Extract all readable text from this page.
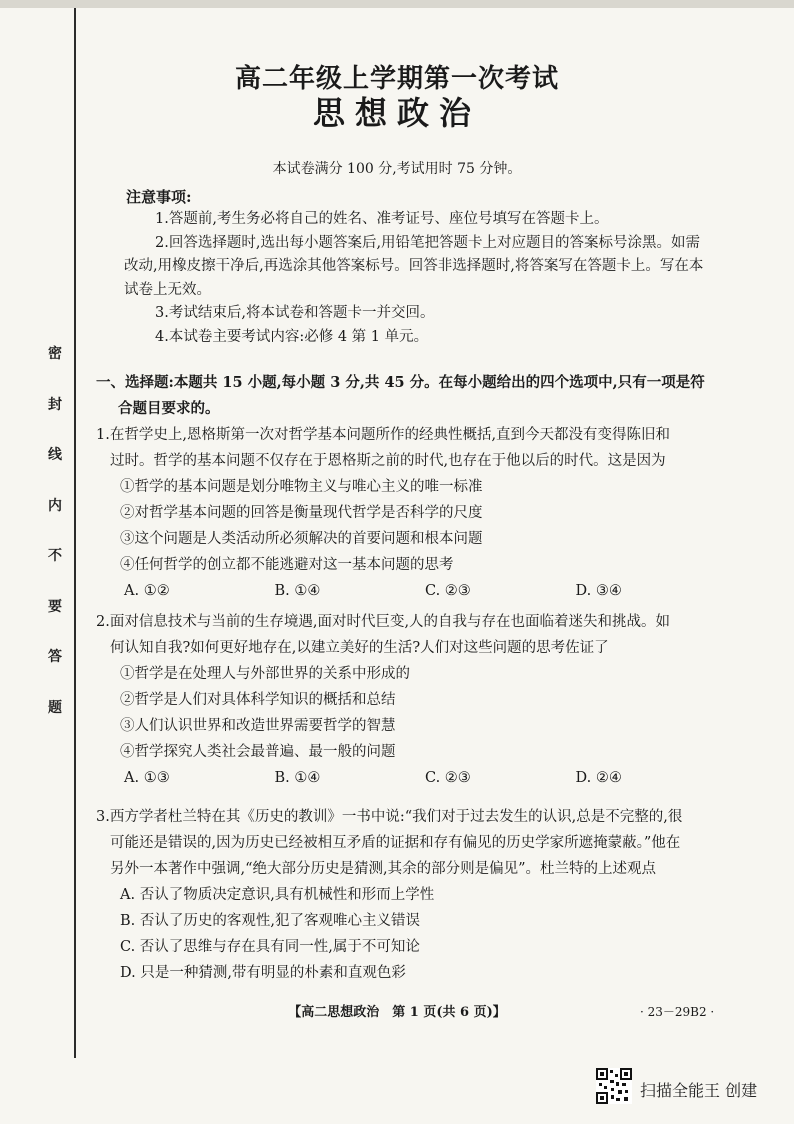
密
封
线
内
不
要
答
题
高二年级上学期第一次考试
思想政治
本试卷满分 100 分,考试用时 75 分钟。
注意事项:

1.答题前,考生务必将自己的姓名、准考证号、座位号填写在答题卡上。

2.回答选择题时,选出每小题答案后,用铅笔把答题卡上对应题目的答案标号涂黑。如需改动,用橡皮擦干净后,再选涂其他答案标号。回答非选择题时,将答案写在答题卡上。写在本试卷上无效。

3.考试结束后,将本试卷和答题卡一并交回。

4.本试卷主要考试内容:必修 4 第 1 单元。

一、选择题:本题共 15 小题,每小题 3 分,共 45 分。在每小题给出的四个选项中,只有一项是符
合题目要求的。
1.在哲学史上,恩格斯第一次对哲学基本问题所作的经典性概括,直到今天都没有变得陈旧和
过时。哲学的基本问题不仅存在于恩格斯之前的时代,也存在于他以后的时代。这是因为

①哲学的基本问题是划分唯物主义与唯心主义的唯一标准

②对哲学基本问题的回答是衡量现代哲学是否科学的尺度

③这个问题是人类活动所必须解决的首要问题和根本问题

④任何哲学的创立都不能逃避对这一基本问题的思考

A. ①②	B. ①④	C. ②③	D. ③④
2.面对信息技术与当前的生存境遇,面对时代巨变,人的自我与存在也面临着迷失和挑战。如
何认知自我?如何更好地存在,以建立美好的生活?人们对这些问题的思考佐证了

①哲学是在处理人与外部世界的关系中形成的

②哲学是人们对具体科学知识的概括和总结

③人们认识世界和改造世界需要哲学的智慧

④哲学探究人类社会最普遍、最一般的问题

A. ①③	B. ①④	C. ②③	D. ②④
3.西方学者杜兰特在其《历史的教训》一书中说:“我们对于过去发生的认识,总是不完整的,很
可能还是错误的,因为历史已经被相互矛盾的证据和存有偏见的历史学家所遮掩蒙蔽。”他在
另外一本著作中强调,“绝大部分历史是猜测,其余的部分则是偏见”。杜兰特的上述观点

A. 否认了物质决定意识,具有机械性和形而上学性

B. 否认了历史的客观性,犯了客观唯心主义错误

C. 否认了思维与存在具有同一性,属于不可知论

D. 只是一种猜测,带有明显的朴素和直观色彩

【高二思想政治　第 1 页(共 6 页)】	· 23－29B2 ·
扫描全能王 创建
